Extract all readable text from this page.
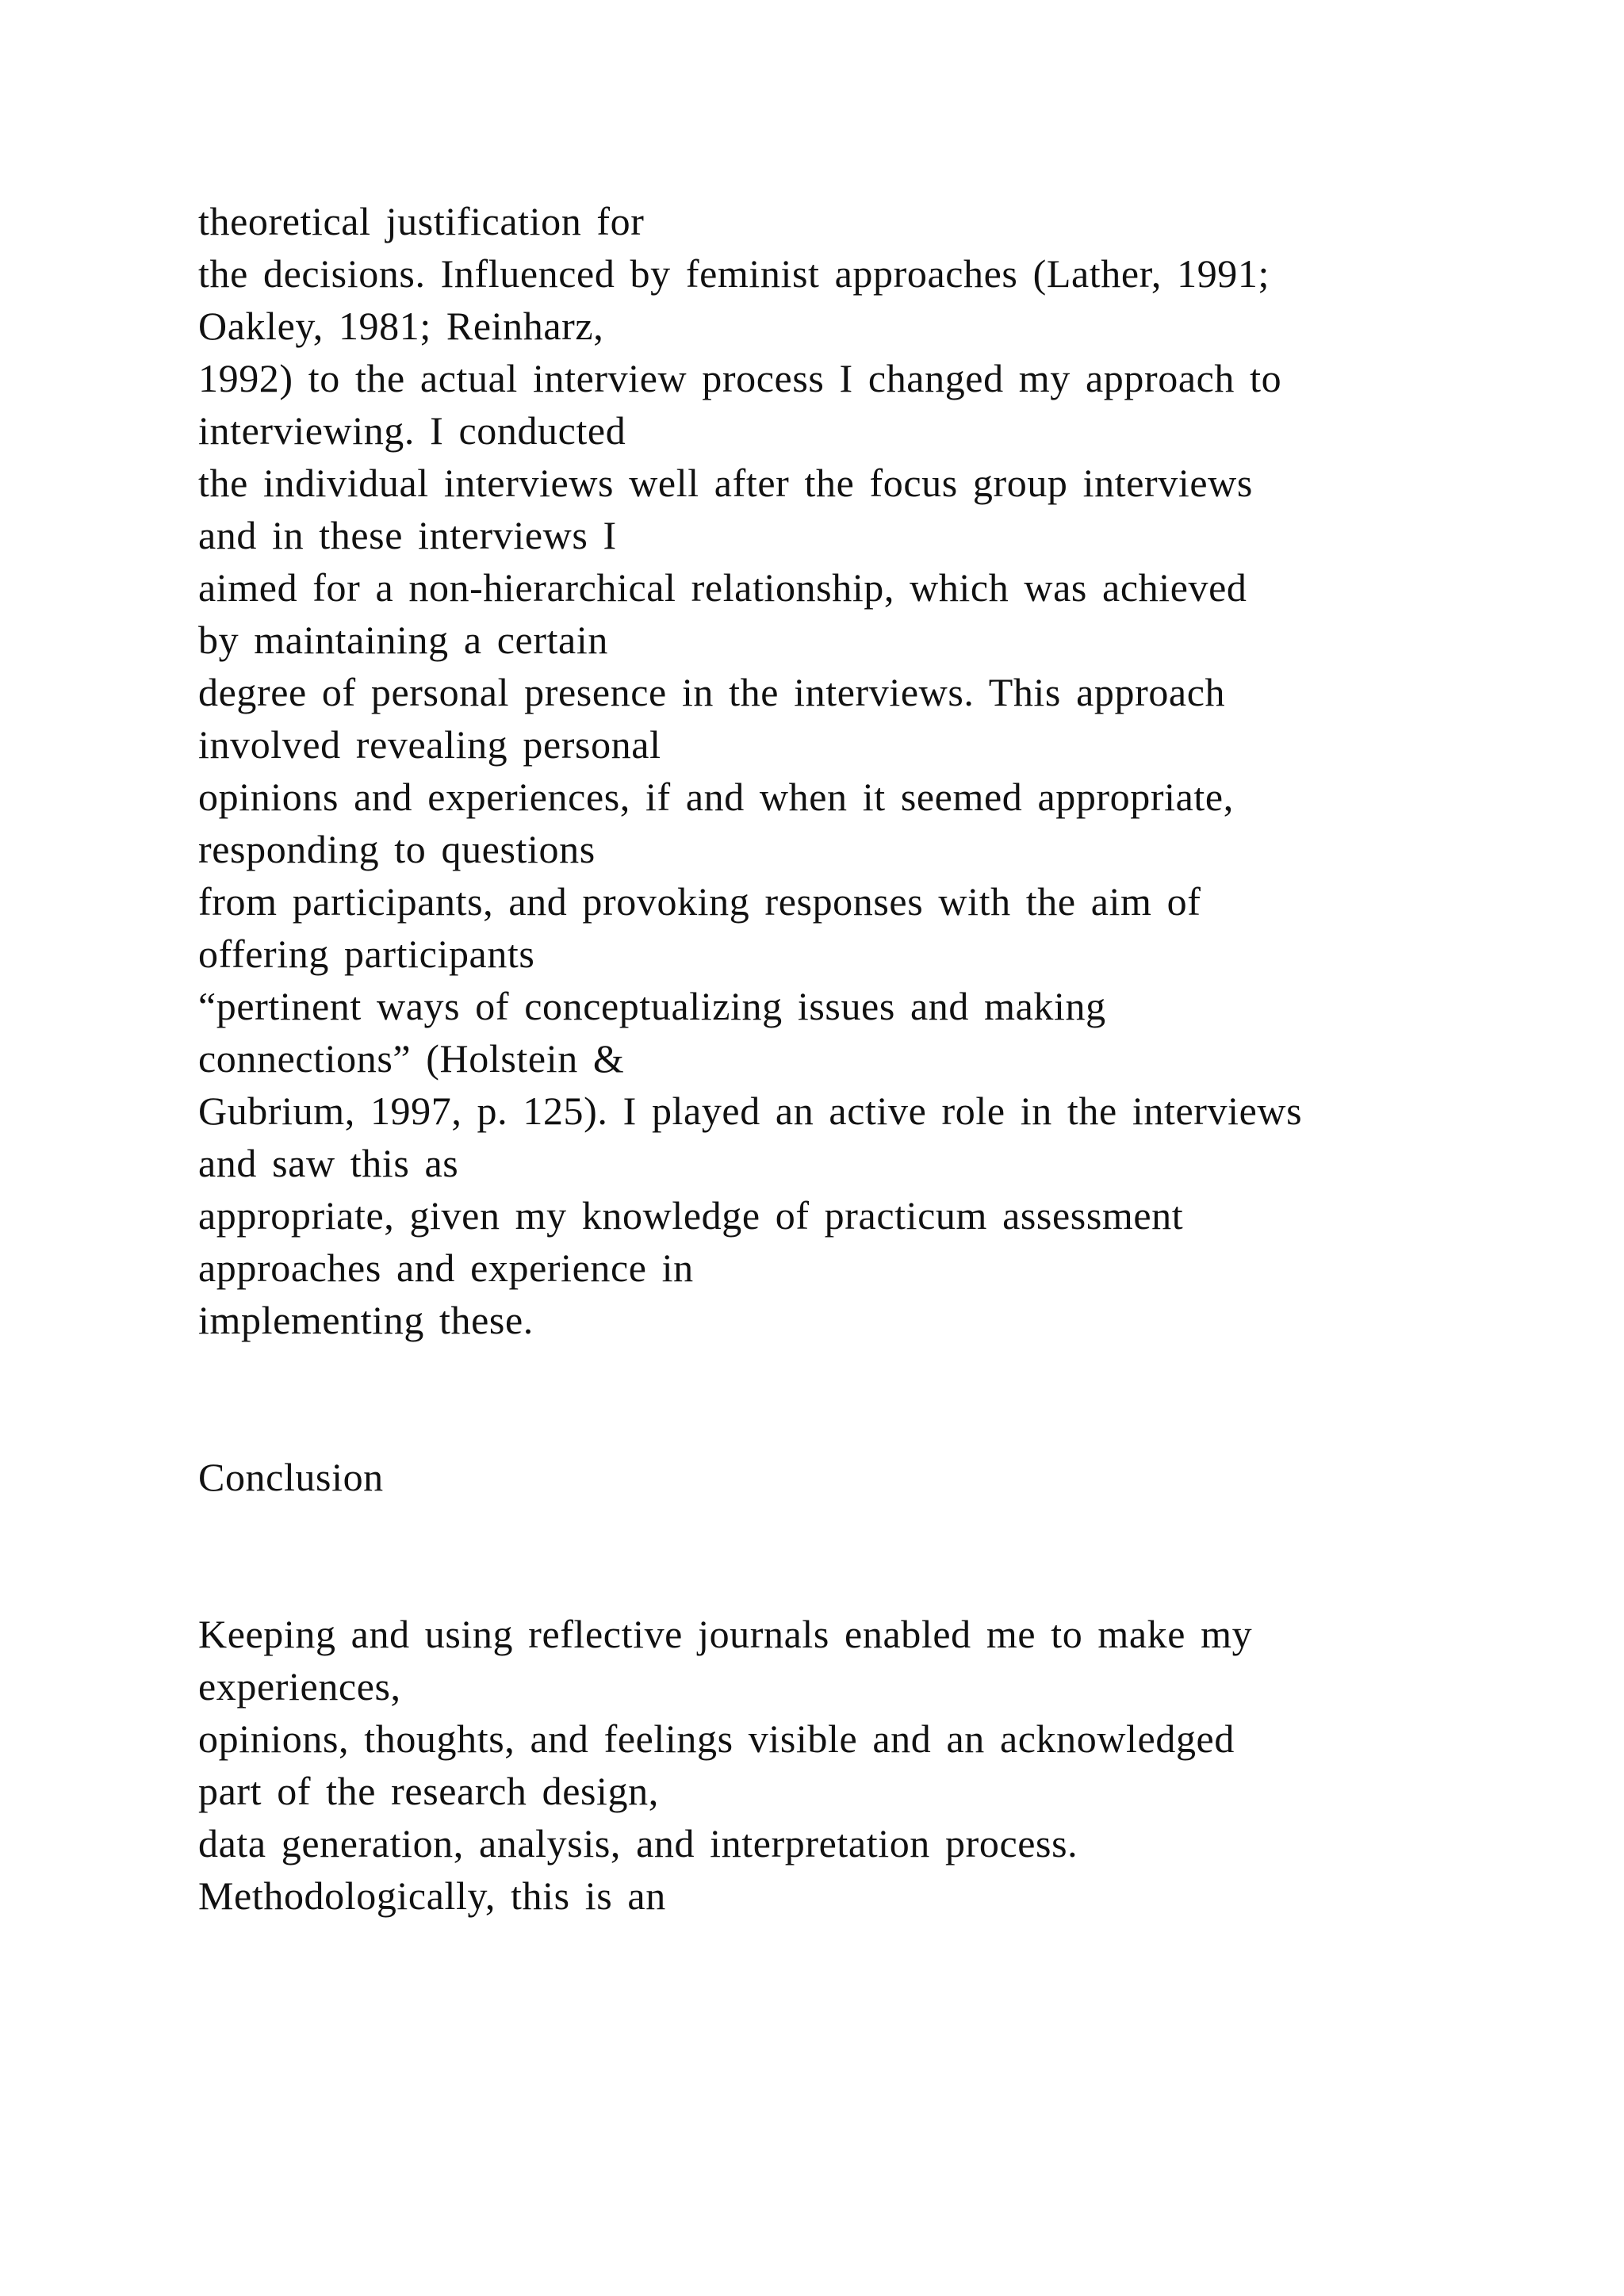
theoretical justification for

the decisions. Influenced by feminist approaches (Lather, 1991;

Oakley, 1981; Reinharz,

1992) to the actual interview process I changed my approach to

interviewing. I conducted

the individual interviews well after the focus group interviews

and in these interviews I

aimed for a non-hierarchical relationship, which was achieved

by maintaining a certain

degree of personal presence in the interviews. This approach

involved revealing personal

opinions and experiences, if and when it seemed appropriate,

responding to questions

from participants, and provoking responses with the aim of

offering participants

“pertinent ways of conceptualizing issues and making

connections” (Holstein &

Gubrium, 1997, p. 125). I played an active role in the interviews

and saw this as

appropriate, given my knowledge of practicum assessment

approaches and experience in

implementing these.

Conclusion

Keeping and using reflective journals enabled me to make my

experiences,

opinions, thoughts, and feelings visible and an acknowledged

part of the research design,

data generation, analysis, and interpretation process.

Methodologically, this is an
